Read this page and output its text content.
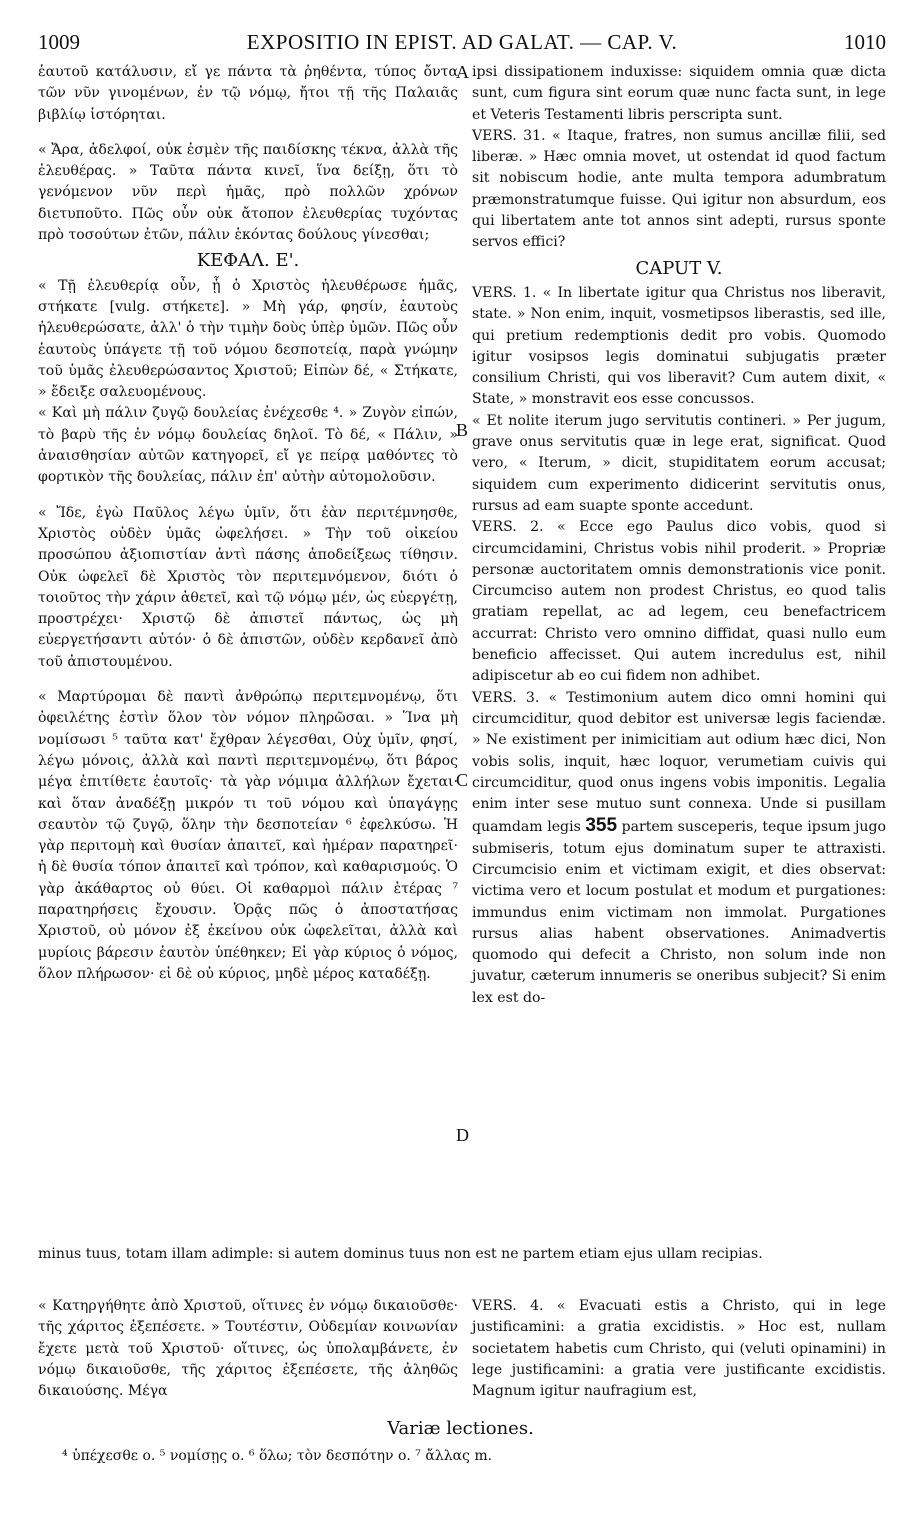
1009	EXPOSITIO IN EPIST. AD GALAT. — CAP. V.	1010

ἑαυτοῦ κατάλυσιν, εἴ γε πάντα τὰ ῥηθέντα, τύπος ὄντα τῶν νῦν γινομένων, ἐν τῷ νόμῳ, ἤτοι τῇ τῆς Παλαιᾶς βιβλίῳ ἱστόρηται.

« Ἄρα, ἀδελφοί, οὐκ ἐσμὲν τῆς παιδίσκης τέκνα, ἀλλὰ τῆς ἐλευθέρας. » Ταῦτα πάντα κινεῖ, ἵνα δείξῃ, ὅτι τὸ γενόμενον νῦν περὶ ἡμᾶς, πρὸ πολλῶν χρόνων διετυποῦτο. Πῶς οὖν οὐκ ἄτοπον ἐλευθερίας τυχόντας πρὸ τοσούτων ἐτῶν, πάλιν ἑκόντας δούλους γίνεσθαι;

ΚΕΦΑΛ. Ε'.

« Τῇ ἐλευθερίᾳ οὖν, ᾗ ὁ Χριστὸς ἠλευθέρωσε ἡμᾶς, στήκατε [vulg. στήκετε]. » Μὴ γάρ, φησίν, ἑαυτοὺς ἠλευθερώσατε, ἀλλ' ὁ τὴν τιμὴν δοὺς ὑπὲρ ὑμῶν. Πῶς οὖν ἑαυτοὺς ὑπάγετε τῇ τοῦ νόμου δεσποτείᾳ, παρὰ γνώμην τοῦ ὑμᾶς ἐλευθερώσαντος Χριστοῦ; Εἰπὼν δέ, « Στήκατε, » ἔδειξε σαλευομένους.

« Καὶ μὴ πάλιν ζυγῷ δουλείας ἐνέχεσθε ⁴. » Ζυγὸν εἰπών, τὸ βαρὺ τῆς ἐν νόμῳ δουλείας δηλοῖ. Τὸ δέ, « Πάλιν, » ἀναισθησίαν αὐτῶν κατηγορεῖ, εἴ γε πείρᾳ μαθόντες τὸ φορτικὸν τῆς δουλείας, πάλιν ἐπ' αὐτὴν αὐτομολοῦσιν.

« Ἴδε, ἐγὼ Παῦλος λέγω ὑμῖν, ὅτι ἐὰν περιτέμνησθε, Χριστὸς οὐδὲν ὑμᾶς ὠφελήσει. » Τὴν τοῦ οἰκείου προσώπου ἀξιοπιστίαν ἀντὶ πάσης ἀποδείξεως τίθησιν. Οὐκ ὠφελεῖ δὲ Χριστὸς τὸν περιτεμνόμενον, διότι ὁ τοιοῦτος τὴν χάριν ἀθετεῖ, καὶ τῷ νόμῳ μέν, ὡς εὐεργέτῃ, προστρέχει· Χριστῷ δὲ ἀπιστεῖ πάντως, ὡς μὴ εὐεργετήσαντι αὐτόν· ὁ δὲ ἀπιστῶν, οὐδὲν κερδανεῖ ἀπὸ τοῦ ἀπιστουμένου.

« Μαρτύρομαι δὲ παντὶ ἀνθρώπῳ περιτεμνομένῳ, ὅτι ὀφειλέτης ἐστὶν ὅλον τὸν νόμον πληρῶσαι. » Ἵνα μὴ νομίσωσι ⁵ ταῦτα κατ' ἔχθραν λέγεσθαι, Οὐχ ὑμῖν, φησί, λέγω μόνοις, ἀλλὰ καὶ παντὶ περιτεμνομένῳ, ὅτι βάρος μέγα ἐπιτίθετε ἑαυτοῖς· τὰ γὰρ νόμιμα ἀλλήλων ἔχεται· καὶ ὅταν ἀναδέξῃ μικρόν τι τοῦ νόμου καὶ ὑπαγάγῃς σεαυτὸν τῷ ζυγῷ, ὅλην τὴν δεσποτείαν ⁶ ἐφελκύσω. Ἡ γὰρ περιτομὴ καὶ θυσίαν ἀπαιτεῖ, καὶ ἡμέραν παρατηρεῖ· ἡ δὲ θυσία τόπον ἀπαιτεῖ καὶ τρόπον, καὶ καθαρισμούς. Ὁ γὰρ ἀκάθαρτος οὐ θύει. Οἱ καθαρμοὶ πάλιν ἑτέρας ⁷ παρατηρήσεις ἔχουσιν. Ὁρᾷς πῶς ὁ ἀποστατήσας Χριστοῦ, οὐ μόνον ἐξ ἐκείνου οὐκ ὠφελεῖται, ἀλλὰ καὶ μυρίοις βάρεσιν ἑαυτὸν ὑπέθηκεν; Εἰ γὰρ κύριος ὁ νόμος, ὅλον πλήρωσον· εἰ δὲ οὐ κύριος, μηδὲ μέρος καταδέξῃ.

ipsi dissipationem induxisse: siquidem omnia quæ dicta sunt, cum figura sint eorum quæ nunc facta sunt, in lege et Veteris Testamenti libris perscripta sunt.

VERS. 31. « Itaque, fratres, non sumus ancillæ filii, sed liberæ. » Hæc omnia movet, ut ostendat id quod factum sit nobiscum hodie, ante multa tempora adumbratum præmonstratumque fuisse. Qui igitur non absurdum, eos qui libertatem ante tot annos sint adepti, rursus sponte servos effici?

CAPUT V.

VERS. 1. « In libertate igitur qua Christus nos liberavit, state. » Non enim, inquit, vosmetipsos liberastis, sed ille, qui pretium redemptionis dedit pro vobis. Quomodo igitur vosipsos legis dominatui subjugatis præter consilium Christi, qui vos liberavit? Cum autem dixit, « State, » monstravit eos esse concussos.

« Et nolite iterum jugo servitutis contineri. » Per jugum, grave onus servitutis quæ in lege erat, significat. Quod vero, « Iterum, » dicit, stupiditatem eorum accusat; siquidem cum experimento didicerint servitutis onus, rursus ad eam suapte sponte accedunt.

VERS. 2. « Ecce ego Paulus dico vobis, quod si circumcidamini, Christus vobis nihil proderit. » Propriæ personæ auctoritatem omnis demonstrationis vice ponit. Circumciso autem non prodest Christus, eo quod talis gratiam repellat, ac ad legem, ceu benefactricem accurrat: Christo vero omnino diffidat, quasi nullo eum beneficio affecisset. Qui autem incredulus est, nihil adipiscetur ab eo cui fidem non adhibet.

VERS. 3. « Testimonium autem dico omni homini qui circumciditur, quod debitor est universæ legis faciendæ. » Ne existiment per inimicitiam aut odium hæc dici, Non vobis solis, inquit, hæc loquor, verumetiam cuivis qui circumciditur, quod onus ingens vobis imponitis. Legalia enim inter sese mutuo sunt connexa. Unde si pusillam quamdam legis 355 partem susceperis, teque ipsum jugo submiseris, totum ejus dominatum super te attraxisti. Circumcisio enim et victimam exigit, et dies observat: victima vero et locum postulat et modum et purgationes: immundus enim victimam non immolat. Purgationes rursus alias habent observationes. Animadvertis quomodo qui defecit a Christo, non solum inde non juvatur, cæterum innumeris se oneribus subjecit? Si enim lex est do-

A
B
C
D
minus tuus, totam illam adimple: si autem dominus tuus non est ne partem etiam ejus ullam recipias.

« Κατηργήθητε ἀπὸ Χριστοῦ, οἵτινες ἐν νόμῳ δικαιοῦσθε· τῆς χάριτος ἐξεπέσετε. » Τουτέστιν, Οὐδεμίαν κοινωνίαν ἔχετε μετὰ τοῦ Χριστοῦ· οἵτινες, ὡς ὑπολαμβάνετε, ἐν νόμῳ δικαιοῦσθε, τῆς χάριτος ἐξεπέσετε, τῆς ἀληθῶς δικαιούσης. Μέγα

VERS. 4. « Evacuati estis a Christo, qui in lege justificamini: a gratia excidistis. » Hoc est, nullam societatem habetis cum Christo, qui (veluti opinamini) in lege justificamini: a gratia vere justificante excidistis. Magnum igitur naufragium est,

Variæ lectiones.
⁴ ὑπέχεσθε ο. ⁵ νομίσῃς ο. ⁶ ὅλω; τὸν δεσπότην ο. ⁷ ἄλλας m.
